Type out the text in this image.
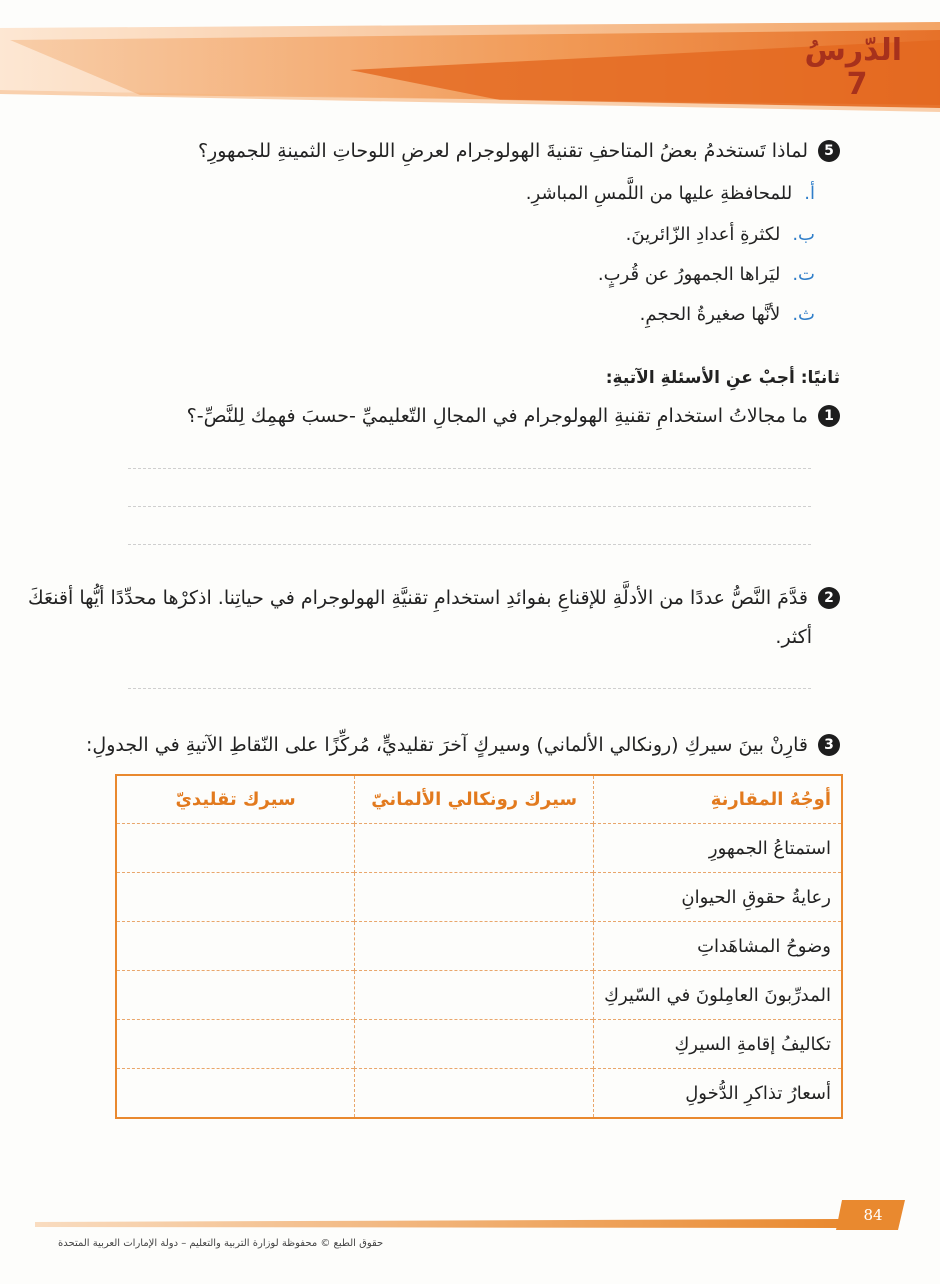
الدّرسُ
7
5
لماذا تَستخدمُ بعضُ المتاحفِ تقنيةَ الهولوجرام لعرضِ اللوحاتِ الثمينةِ للجمهورِ؟
أ.للمحافظةِ عليها من اللَّمسِ المباشرِ.
ب.لكثرةِ أعدادِ الزّائرينَ.
ت.ليَراها الجمهورُ عن قُربٍ.
ث.لأنَّها صغيرةُ الحجمِ.
ثانيًا: أجبْ عنِ الأسئلةِ الآتيةِ:
1
ما مجالاتُ استخدامِ تقنيةِ الهولوجرام في المجالِ التّعليميِّ -حسبَ فهمِك لِلنَّصِّ-؟
2
قدَّمَ النَّصُّ عددًا من الأدلَّةِ للإقناعِ بفوائدِ استخدامِ تقنيَّةِ الهولوجرام في حياتِنا. اذكرْها محدِّدًا أيُّها أقنعَكَ
أكثر.
3
قارِنْ بينَ سيركِ (رونكالي الألماني) وسيركٍ آخرَ تقليديٍّ، مُركِّزًا على النّقاطِ الآتيةِ في الجدولِ:
أوجُهُ المقارنةِ	سيرك رونكالي الألمانيّ	سيرك تقليديّ
استمتاعُ الجمهورِ		
رعايةُ حقوقِ الحيوانِ		
وضوحُ المشاهَداتِ		
المدرِّبونَ العامِلونَ في السّيركِ		
تكاليفُ إقامةِ السيركِ		
أسعارُ تذاكرِ الدُّخولِ		
84
حقوق الطبع © محفوظة لوزارة التربية والتعليم – دولة الإمارات العربية المتحدة
